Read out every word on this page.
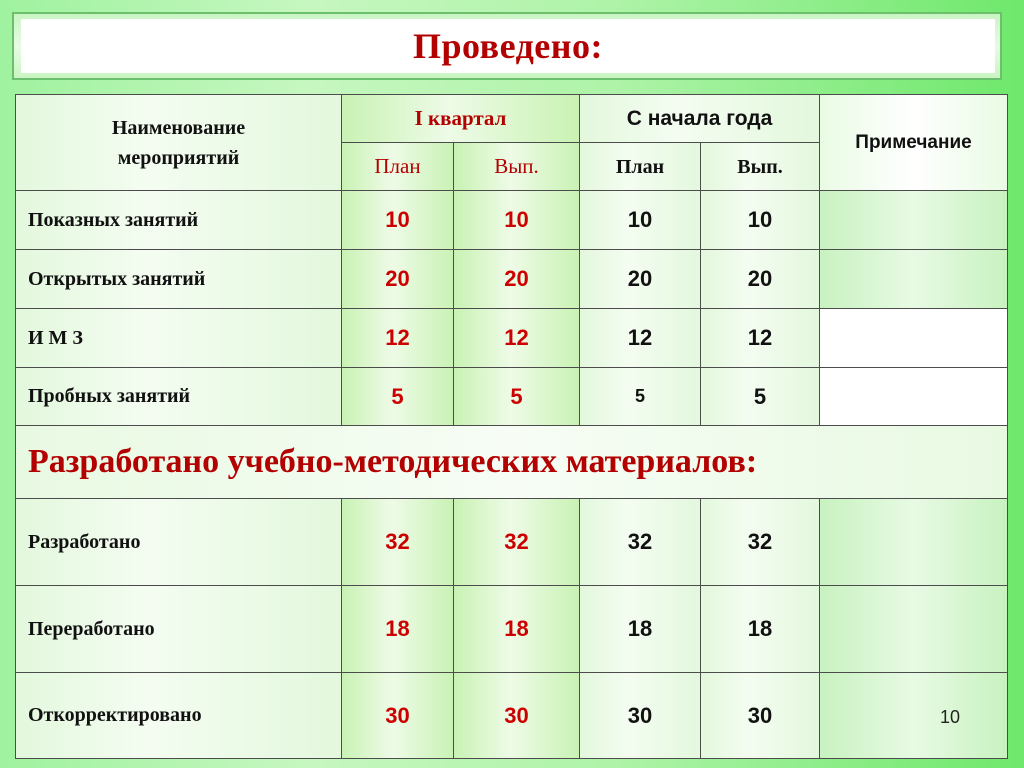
Проведено:
Наименование
мероприятий	I квартал		С начала года		Примечание
	План	Вып.	План	Вып.	
Показных занятий	10	10	10	10	
Открытых занятий	20	20	20	20	
И М З	12	12	12	12	
Пробных занятий	5	5	5	5	
Разработано учебно-методических материалов:					
Разработано	32	32	32	32	
Переработано	18	18	18	18	
Откорректировано	30	30	30	30		10
